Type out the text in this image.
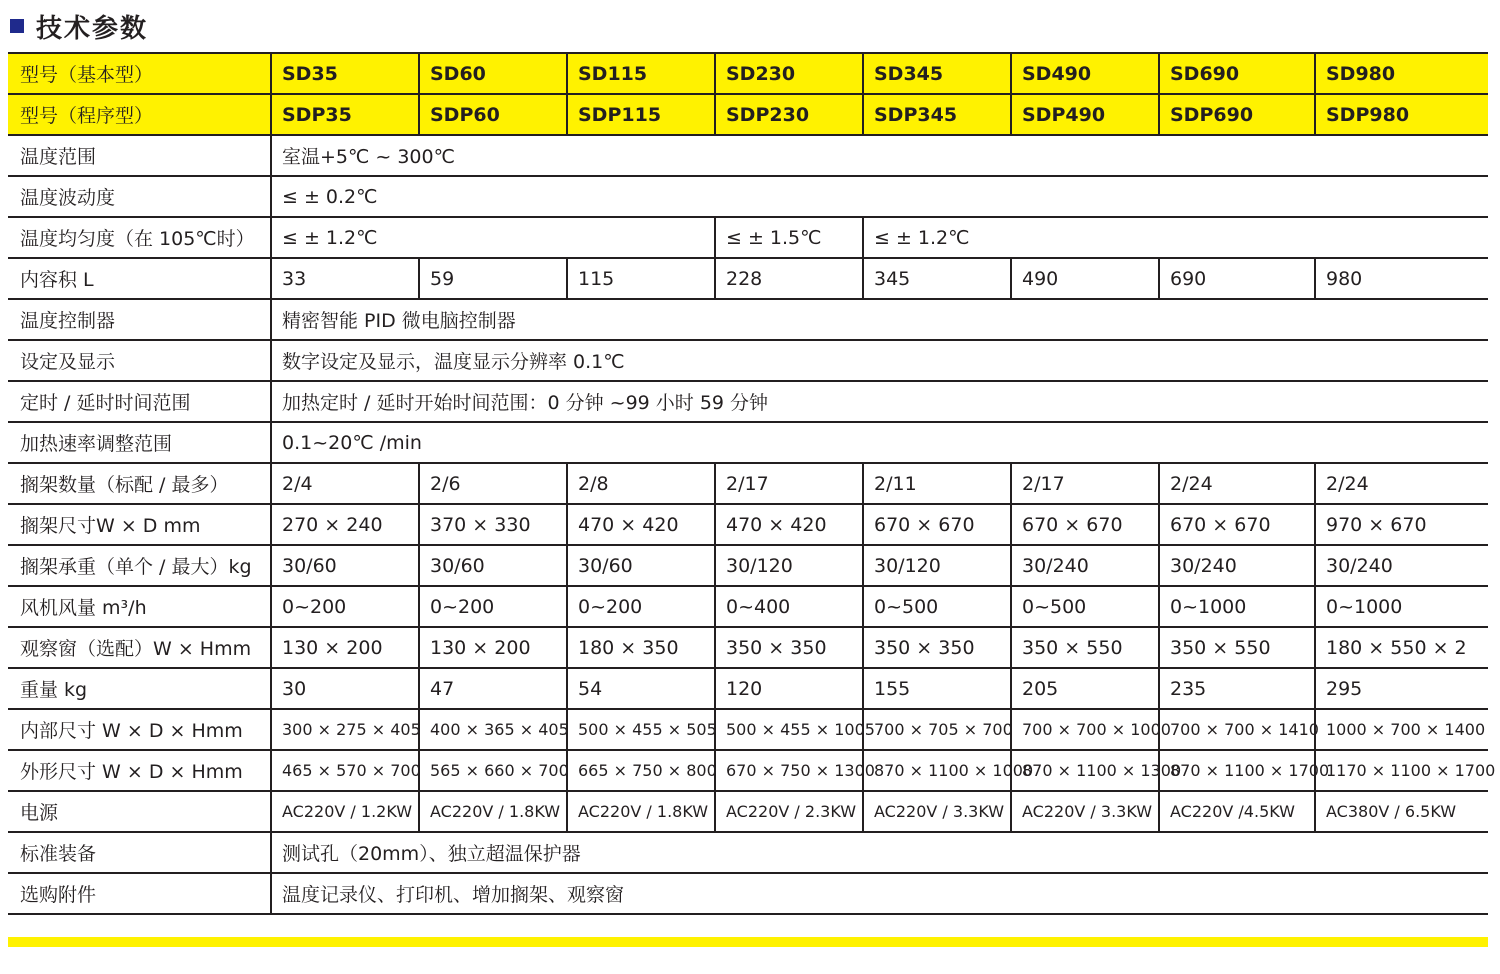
技术参数
型号（基本型）	SD35	SD60	SD115	SD230	SD345	SD490	SD690	SD980
型号（程序型）	SDP35	SDP60	SDP115	SDP230	SDP345	SDP490	SDP690	SDP980
温度范围	室温+5℃ ~ 300℃							
温度波动度	≤ ± 0.2℃							
温度均匀度（在 105℃时）	≤ ± 1.2℃			≤ ± 1.5℃	≤ ± 1.2℃			
内容积 L	33	59	115	228	345	490	690	980
温度控制器	精密智能 PID 微电脑控制器							
设定及显示	数字设定及显示，温度显示分辨率 0.1℃							
定时 / 延时时间范围	加热定时 / 延时开始时间范围：0 分钟 ~99 小时 59 分钟							
加热速率调整范围	0.1~20℃ /min							
搁架数量（标配 / 最多）	2/4	2/6	2/8	2/17	2/11	2/17	2/24	2/24
搁架尺寸W × D mm	270 × 240	370 × 330	470 × 420	470 × 420	670 × 670	670 × 670	670 × 670	970 × 670
搁架承重（单个 / 最大）kg	30/60	30/60	30/60	30/120	30/120	30/240	30/240	30/240
风机风量 m³/h	0~200	0~200	0~200	0~400	0~500	0~500	0~1000	0~1000
观察窗（选配）W × Hmm	130 × 200	130 × 200	180 × 350	350 × 350	350 × 350	350 × 550	350 × 550	180 × 550 × 2
重量 kg	30	47	54	120	155	205	235	295
内部尺寸 W × D × Hmm	300 × 275 × 405	400 × 365 × 405	500 × 455 × 505	500 × 455 × 1005	700 × 705 × 700	700 × 700 × 1000	700 × 700 × 1410	1000 × 700 × 1400
外形尺寸 W × D × Hmm	465 × 570 × 700	565 × 660 × 700	665 × 750 × 800	670 × 750 × 1300	870 × 1100 × 1000	870 × 1100 × 1300	870 × 1100 × 1700	1170 × 1100 × 1700
电源	AC220V / 1.2KW	AC220V / 1.8KW	AC220V / 1.8KW	AC220V / 2.3KW	AC220V / 3.3KW	AC220V / 3.3KW	AC220V /4.5KW	AC380V / 6.5KW
标准装备	测试孔（20mm）、独立超温保护器							
选购附件	温度记录仪、打印机、增加搁架、观察窗							
